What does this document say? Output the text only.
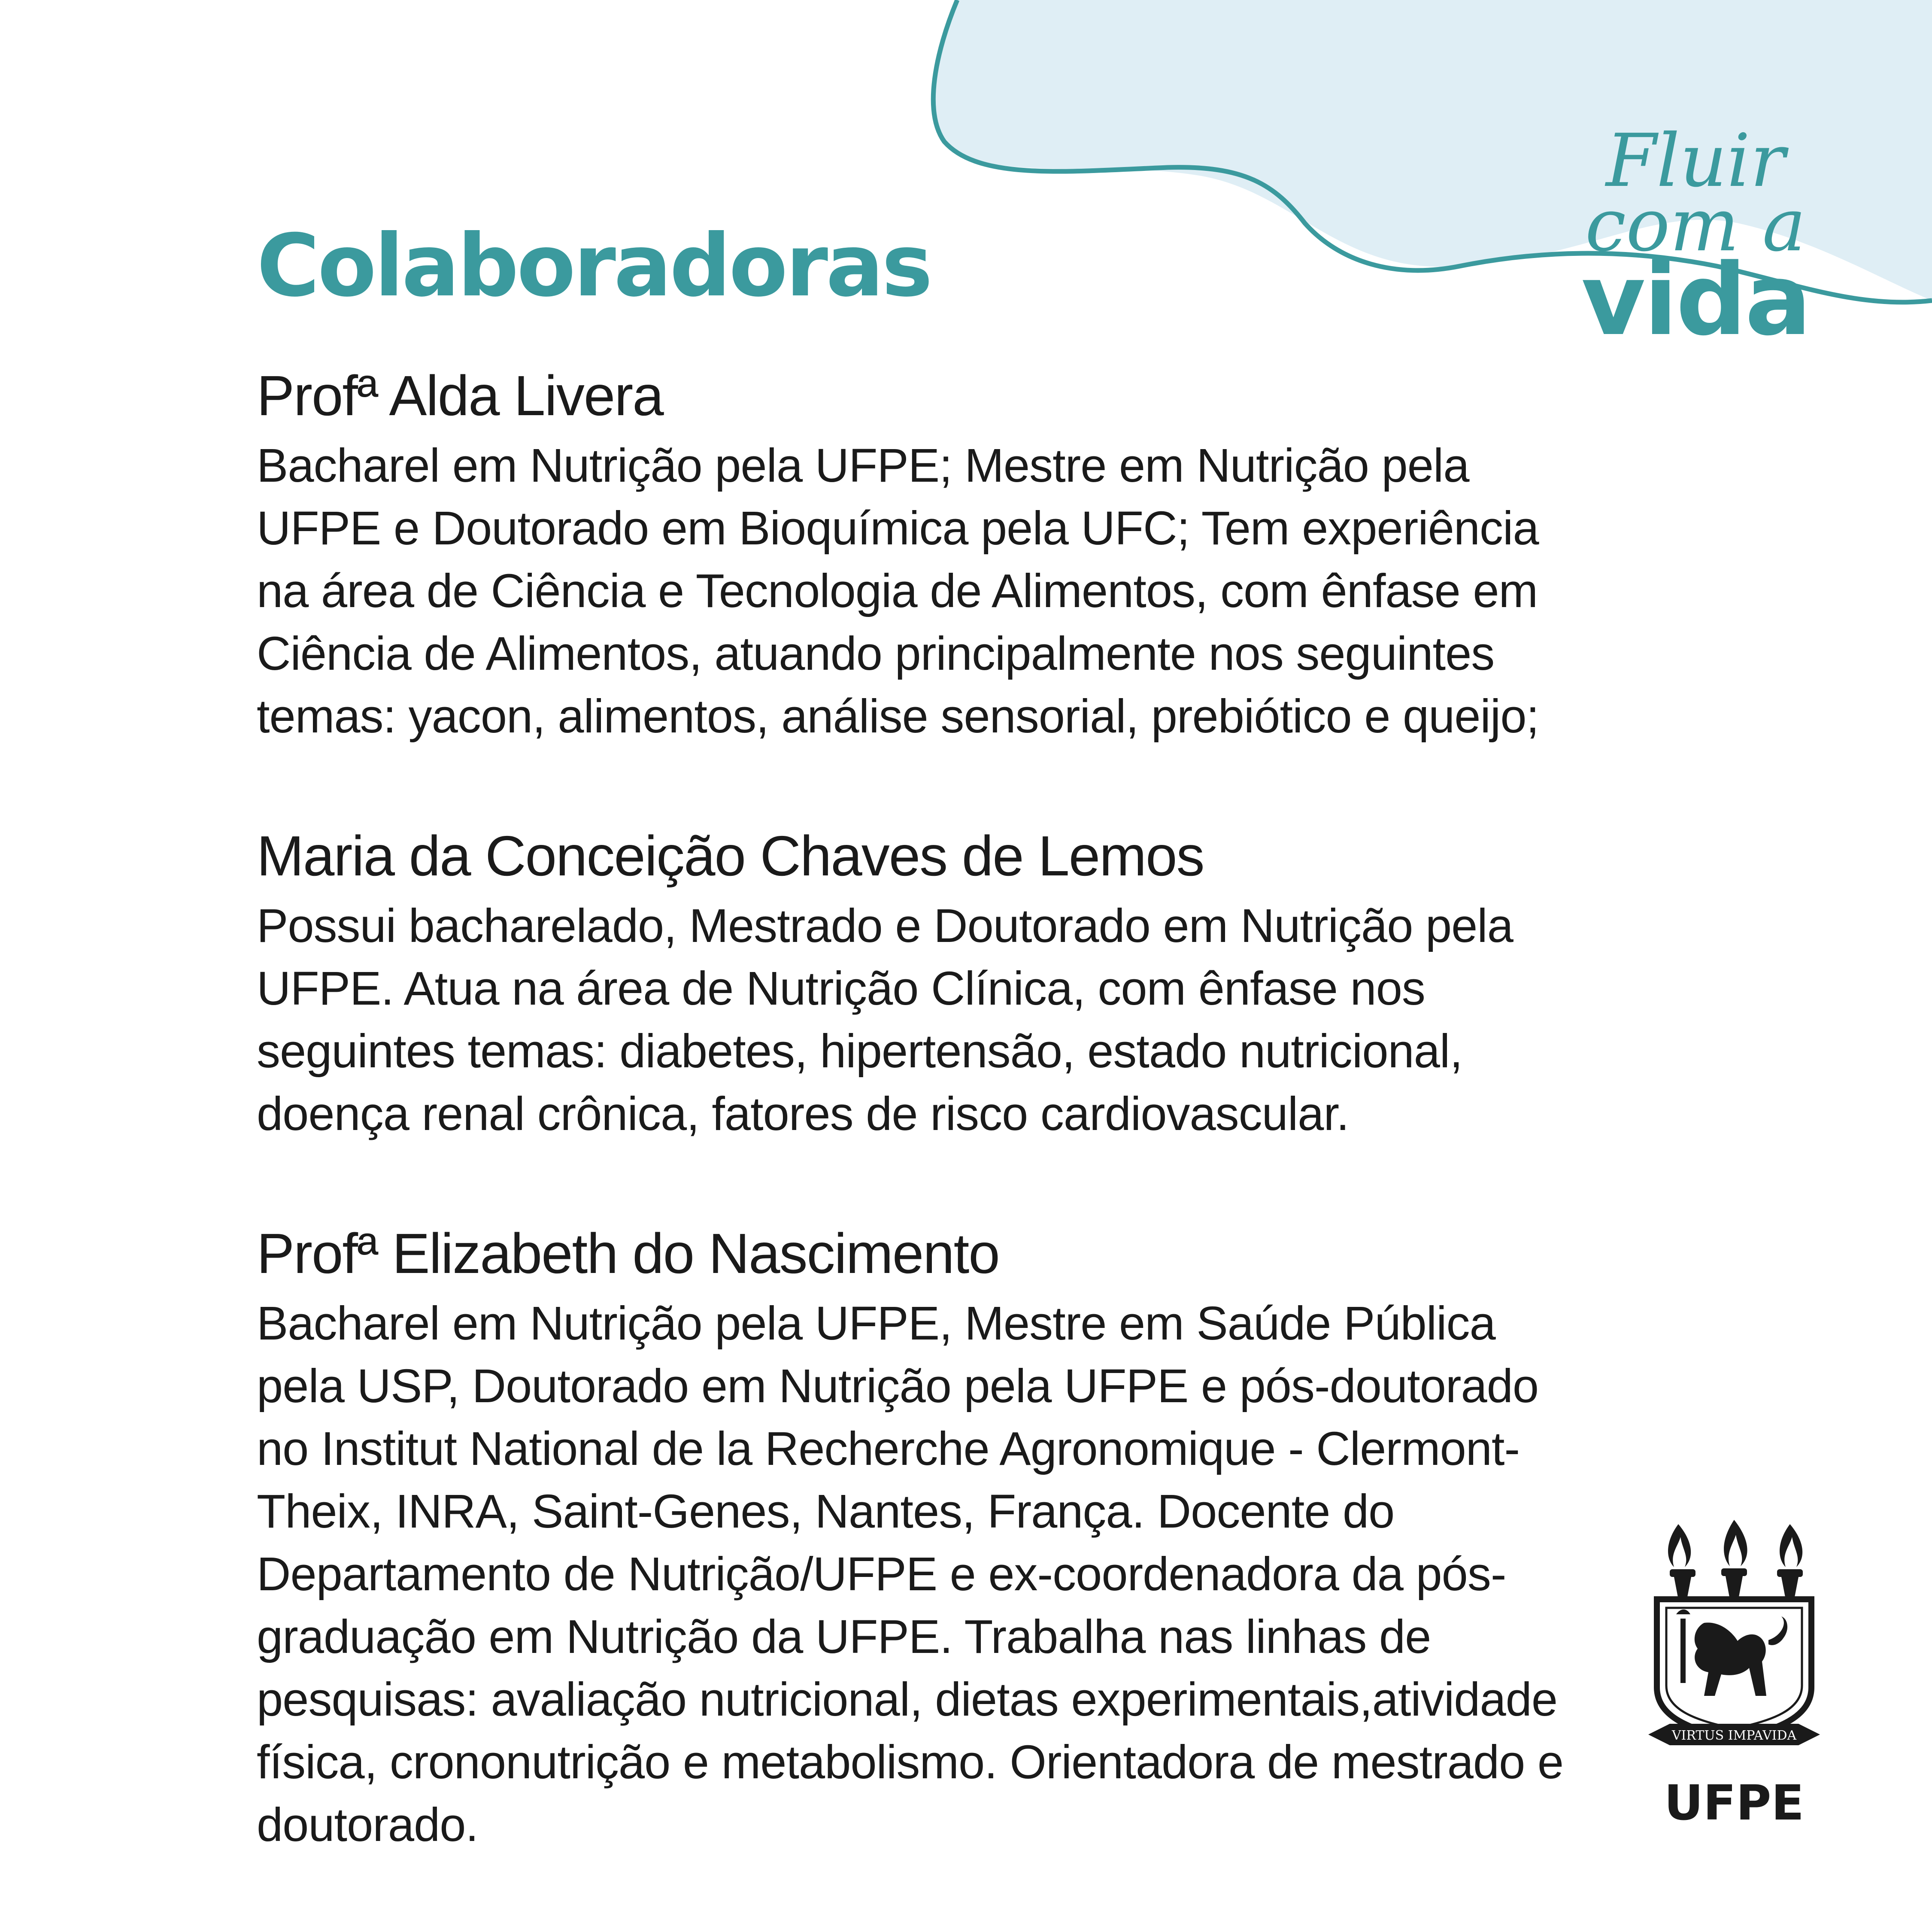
Colaboradoras
Fluir
com a
vida
Profª Alda Livera

Bacharel em Nutrição pela UFPE; Mestre em Nutrição pela UFPE e Doutorado em Bioquímica pela UFC; Tem experiência na área de Ciência e Tecnologia de Alimentos, com ênfase em Ciência de Alimentos, atuando principalmente nos seguintes temas: yacon, alimentos, análise sensorial, prebiótico e queijo;

Maria da Conceição Chaves de Lemos

Possui bacharelado, Mestrado e Doutorado em Nutrição pela UFPE. Atua na área de Nutrição Clínica, com ênfase nos seguintes temas: diabetes, hipertensão, estado nutricional, doença renal crônica, fatores de risco cardiovascular.

Profª Elizabeth do Nascimento

Bacharel em Nutrição pela UFPE, Mestre em Saúde Pública pela USP, Doutorado em Nutrição pela UFPE e pós-doutorado no Institut National de la Recherche Agronomique - Clermont-Theix, INRA, Saint-Genes, Nantes, França. Docente do Departamento de Nutrição/UFPE e ex-coordenadora da pós-graduação em Nutrição da UFPE. Trabalha nas linhas de pesquisas: avaliação nutricional, dietas experimentais,atividade física, crononutrição e metabolismo. Orientadora de mestrado e doutorado.

VIRTUS IMPAVIDA
UFPE
